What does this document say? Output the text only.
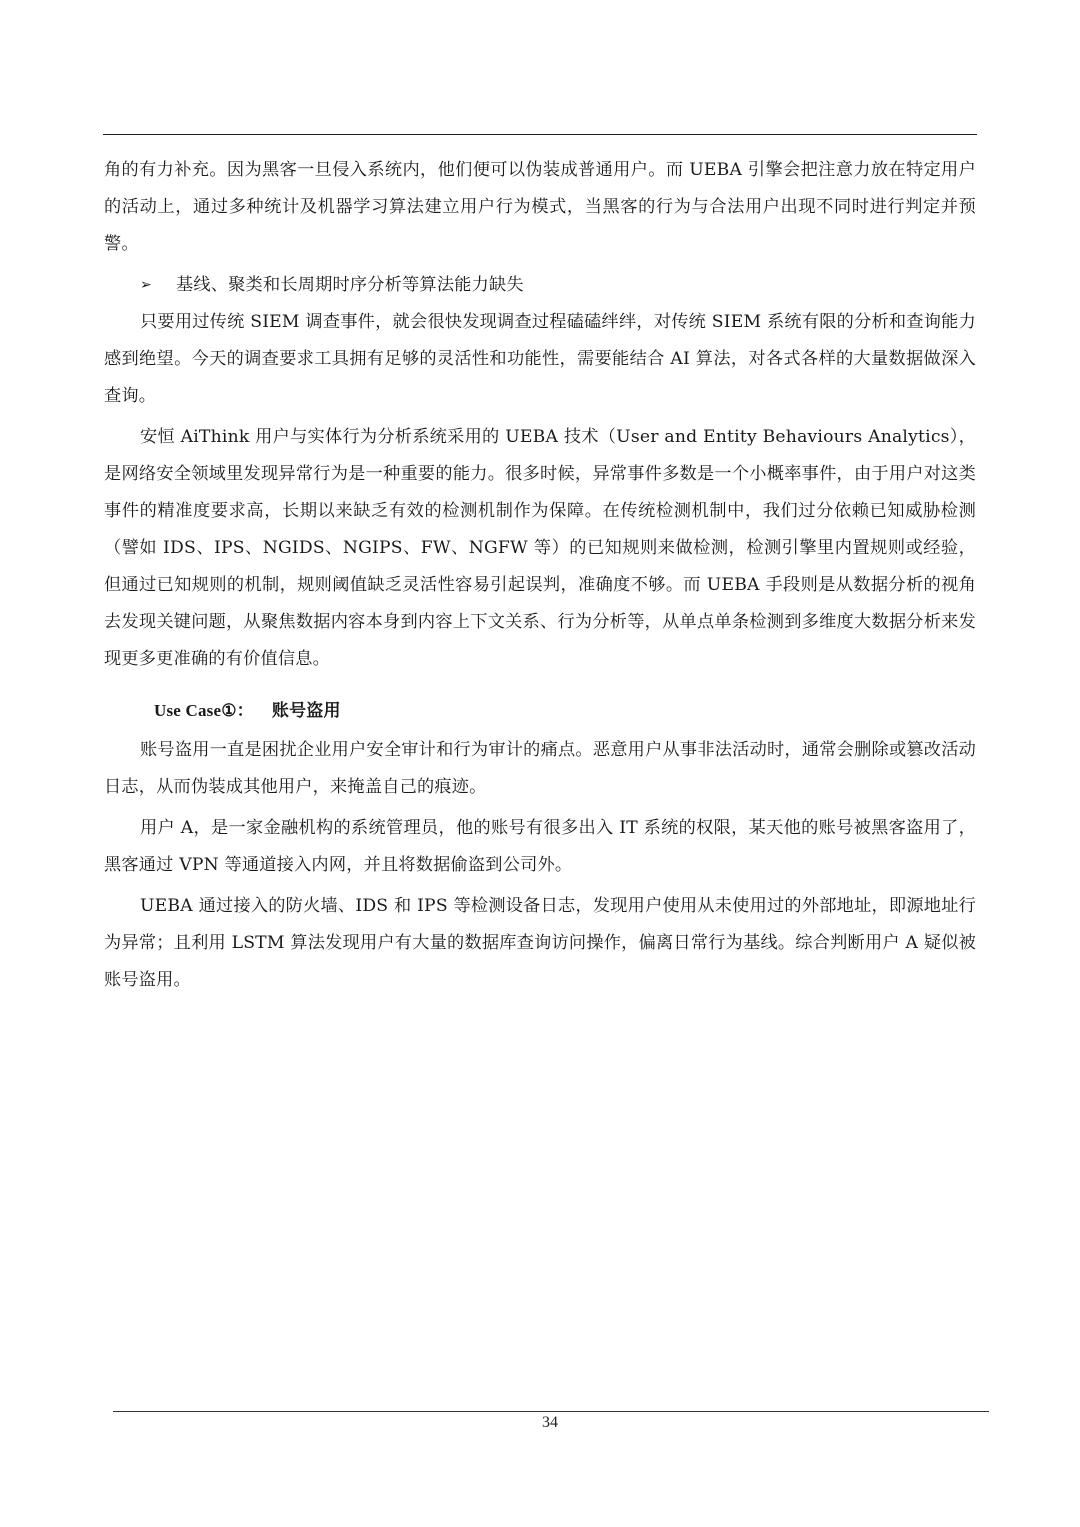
角的有力补充。因为黑客一旦侵入系统内，他们便可以伪装成普通用户。而 UEBA 引擎会把注意力放在特定用户的活动上，通过多种统计及机器学习算法建立用户行为模式，当黑客的行为与合法用户出现不同时进行判定并预警。

➢	基线、聚类和长周期时序分析等算法能力缺失

只要用过传统 SIEM 调查事件，就会很快发现调查过程磕磕绊绊，对传统 SIEM 系统有限的分析和查询能力感到绝望。今天的调查要求工具拥有足够的灵活性和功能性，需要能结合 AI 算法，对各式各样的大量数据做深入查询。

安恒 AiThink 用户与实体行为分析系统采用的 UEBA 技术（User and Entity Behaviours Analytics），是网络安全领域里发现异常行为是一种重要的能力。很多时候，异常事件多数是一个小概率事件，由于用户对这类事件的精准度要求高，长期以来缺乏有效的检测机制作为保障。在传统检测机制中，我们过分依赖已知威胁检测（譬如 IDS、IPS、NGIDS、NGIPS、FW、NGFW 等）的已知规则来做检测，检测引擎里内置规则或经验，但通过已知规则的机制，规则阈值缺乏灵活性容易引起误判，准确度不够。而 UEBA 手段则是从数据分析的视角去发现关键问题，从聚焦数据内容本身到内容上下文关系、行为分析等，从单点单条检测到多维度大数据分析来发现更多更准确的有价值信息。

Use Case①： 账号盗用

账号盗用一直是困扰企业用户安全审计和行为审计的痛点。恶意用户从事非法活动时，通常会删除或篡改活动日志，从而伪装成其他用户，来掩盖自己的痕迹。

用户 A，是一家金融机构的系统管理员，他的账号有很多出入 IT 系统的权限，某天他的账号被黑客盗用了，黑客通过 VPN 等通道接入内网，并且将数据偷盗到公司外。

UEBA 通过接入的防火墙、IDS 和 IPS 等检测设备日志，发现用户使用从未使用过的外部地址，即源地址行为异常；且利用 LSTM 算法发现用户有大量的数据库查询访问操作，偏离日常行为基线。综合判断用户 A 疑似被账号盗用。

34
